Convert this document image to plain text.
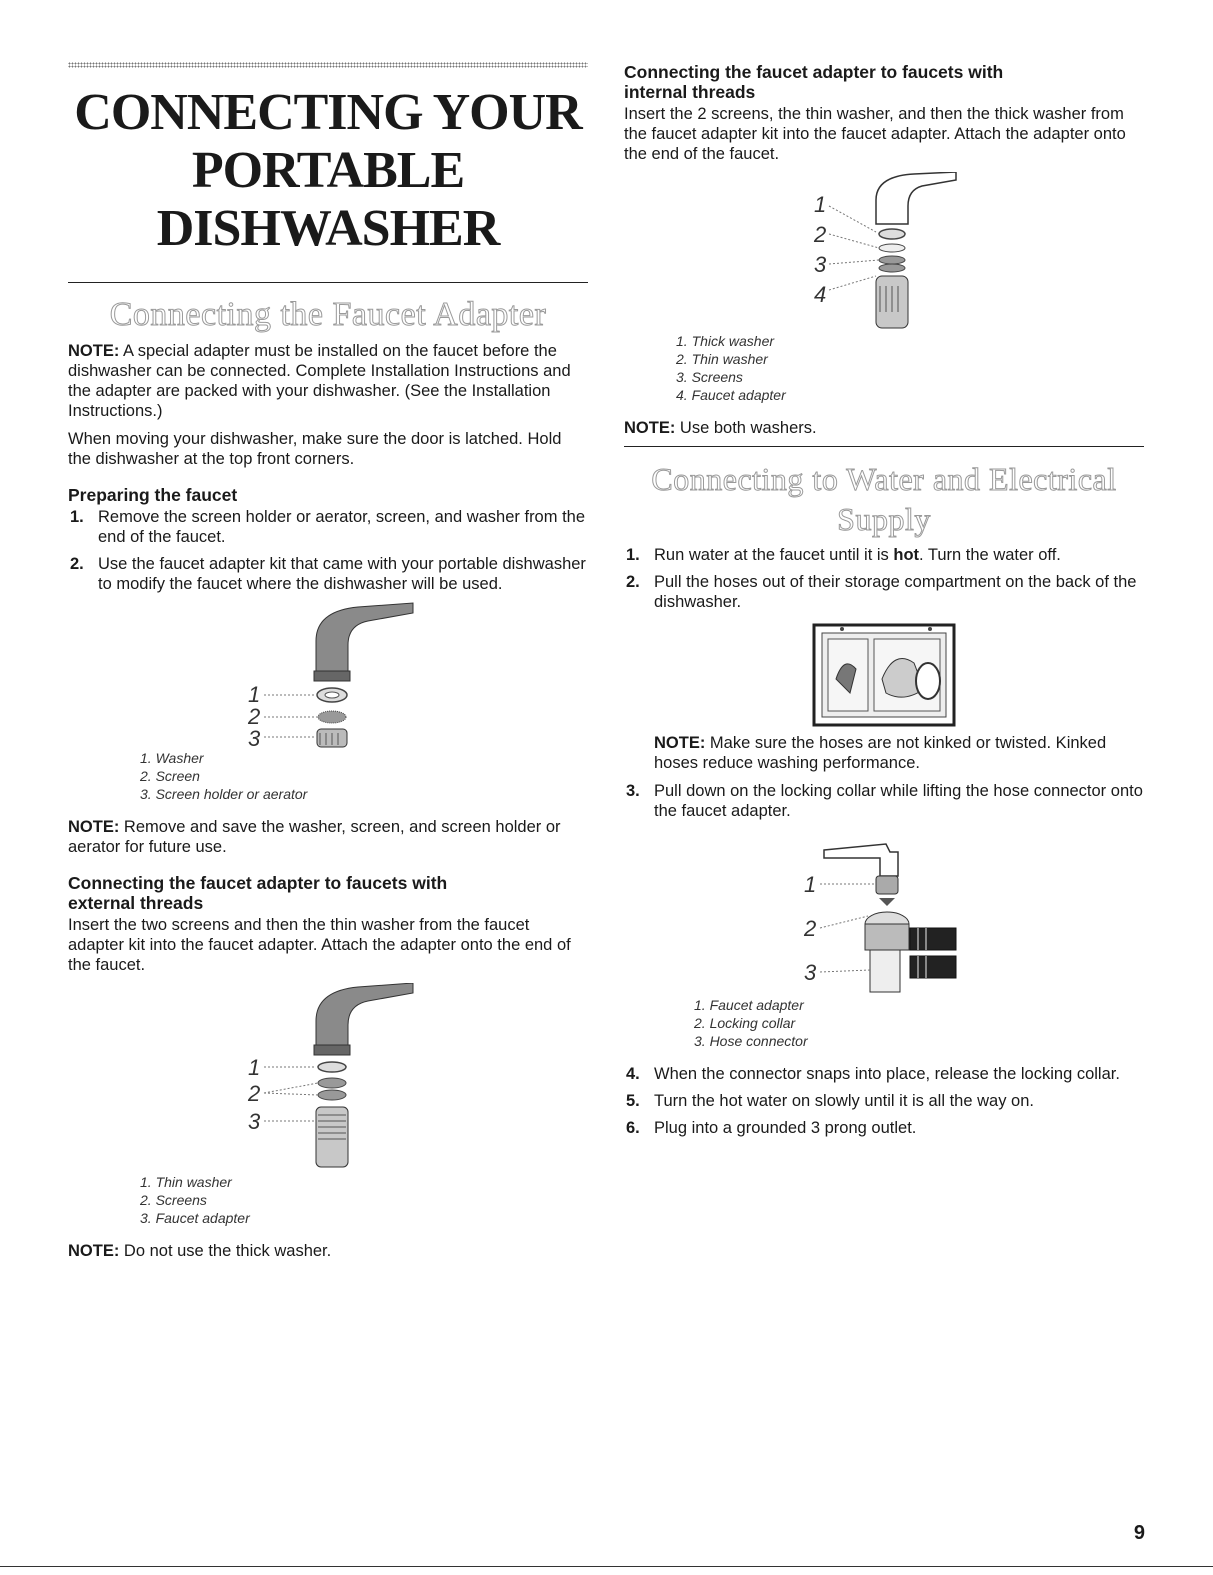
CONNECTING YOUR
PORTABLE DISHWASHER
Connecting the Faucet Adapter

NOTE: A special adapter must be installed on the faucet before the dishwasher can be connected. Complete Installation Instructions and the adapter are packed with your dishwasher. (See the Installation Instructions.)

When moving your dishwasher, make sure the door is latched. Hold the dishwasher at the top front corners.

Preparing the faucet
1. Remove the screen holder or aerator, screen, and washer from the end of the faucet.
2. Use the faucet adapter kit that came with your portable dishwasher to modify the faucet where the dishwasher will be used.
1
2
3
1. Washer
2. Screen
3. Screen holder or aerator

NOTE: Remove and save the washer, screen, and screen holder or aerator for future use.

Connecting the faucet adapter to faucets with
external threads

Insert the two screens and then the thin washer from the faucet adapter kit into the faucet adapter. Attach the adapter onto the end of the faucet.

1
2
3
1. Thin washer
2. Screens
3. Faucet adapter

NOTE: Do not use the thick washer.

Connecting the faucet adapter to faucets with
internal threads

Insert the 2 screens, the thin washer, and then the thick washer from the faucet adapter kit into the faucet adapter. Attach the adapter onto the end of the faucet.

1
2
3
4
1. Thick washer
2. Thin washer
3. Screens
4. Faucet adapter

NOTE: Use both washers.

Connecting to Water and Electrical Supply
1. Run water at the faucet until it is hot. Turn the water off.
2. Pull the hoses out of their storage compartment on the back of the dishwasher.

NOTE: Make sure the hoses are not kinked or twisted. Kinked hoses reduce washing performance.

3. Pull down on the locking collar while lifting the hose connector onto the faucet adapter.
1
2
3
1. Faucet adapter
2. Locking collar
3. Hose connector
4. When the connector snaps into place, release the locking collar.
5. Turn the hot water on slowly until it is all the way on.
6. Plug into a grounded 3 prong outlet.
9
